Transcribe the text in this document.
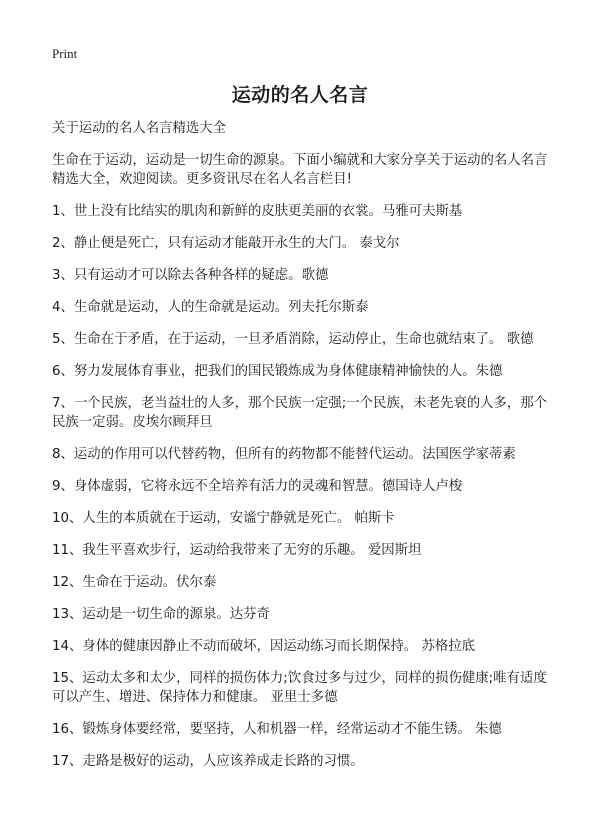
Print
运动的名人名言

关于运动的名人名言精选大全

生命在于运动，运动是一切生命的源泉。下面小编就和大家分享关于运动的名人名言精选大全，欢迎阅读。更多资讯尽在名人名言栏目!

1、世上没有比结实的肌肉和新鲜的皮肤更美丽的衣裳。马雅可夫斯基
2、静止便是死亡，只有运动才能敲开永生的大门。 泰戈尔
3、只有运动才可以除去各种各样的疑虑。歌德
4、生命就是运动，人的生命就是运动。列夫托尔斯泰
5、生命在于矛盾，在于运动，一旦矛盾消除，运动停止，生命也就结束了。 歌德
6、努力发展体育事业，把我们的国民锻炼成为身体健康精神愉快的人。朱德
7、一个民族，老当益壮的人多，那个民族一定强;一个民族，未老先衰的人多，那个民族一定弱。皮埃尔顾拜旦
8、运动的作用可以代替药物，但所有的药物都不能替代运动。法国医学家蒂素
9、身体虚弱，它将永远不全培养有活力的灵魂和智慧。德国诗人卢梭
10、人生的本质就在于运动，安谧宁静就是死亡。 帕斯卡
11、我生平喜欢步行，运动给我带来了无穷的乐趣。 爱因斯坦
12、生命在于运动。伏尔泰
13、运动是一切生命的源泉。达芬奇
14、身体的健康因静止不动而破坏，因运动练习而长期保持。 苏格拉底
15、运动太多和太少，同样的损伤体力;饮食过多与过少，同样的损伤健康;唯有适度可以产生、增进、保持体力和健康。 亚里士多德
16、锻炼身体要经常，要坚持，人和机器一样，经常运动才不能生锈。 朱德
17、走路是极好的运动，人应该养成走长路的习惯。
